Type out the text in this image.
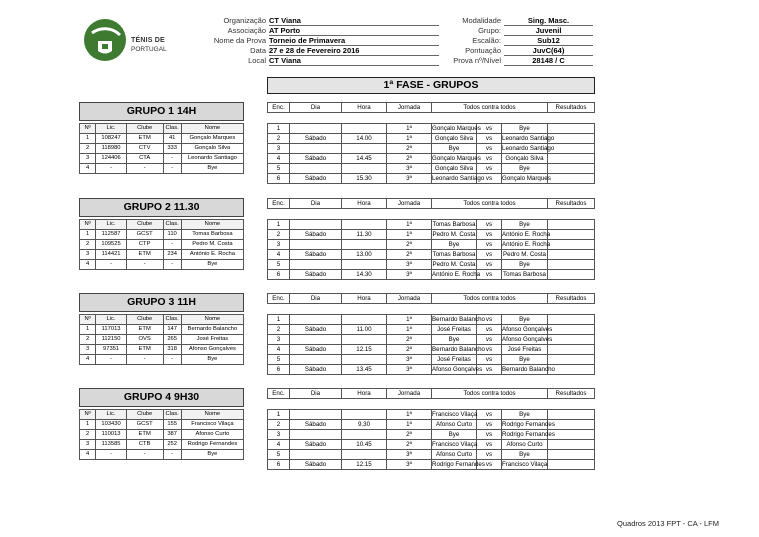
TÉNIS DE
PORTUGAL
Organização CT Viana	Modalidade	Sing. Masc.
Associação AT Porto	Grupo:	Juvenil
Nome da Prova Torneio de Primavera	Escalão:	Sub12
Data 27 e 28 de Fevereiro 2016	Pontuação	JuvC(64)
Local CT Viana	Prova nº/Nível	28148 / C
1ª FASE - GRUPOS
GRUPO 1 14H
Nº	Lic.	Clube	Clas.	Nome
1	108247	ETM	41	Gonçalo Marques
2	118980	CTV	333	Gonçalo Silva
3	124406	CTA	-	Leonardo Santiago
4	-	-	-	Bye
Enc.	Dia	Hora	Jornada	Todos contra todos	Resultados
1			1ª	Gonçalo Marques	vs	Bye	
2	Sábado	14.00	1ª	Gonçalo Silva	vs	Leonardo Santiago	
3			2ª	Bye	vs	Leonardo Santiago	
4	Sábado	14.45	2ª	Gonçalo Marques	vs	Gonçalo Silva	
5			3ª	Gonçalo Silva	vs	Bye	
6	Sábado	15.30	3ª	Leonardo Santiago	vs	Gonçalo Marques	
GRUPO 2 11.30
Nº	Lic.	Clube	Clas.	Nome
1	112587	GCST	110	Tomas Barbosa
2	109525	CTP	-	Pedro M. Costa
3	114421	ETM	234	António E. Rocha
4	-	-	-	Bye
Enc.	Dia	Hora	Jornada	Todos contra todos	Resultados
1			1ª	Tomas Barbosa	vs	Bye	
2	Sábado	11.30	1ª	Pedro M. Costa	vs	António E. Rocha	
3			2ª	Bye	vs	António E. Rocha	
4	Sábado	13.00	2ª	Tomas Barbosa	vs	Pedro M. Costa	
5			3ª	Pedro M. Costa	vs	Bye	
6	Sábado	14.30	3ª	António E. Rocha	vs	Tomas Barbosa	
GRUPO 3 11H
Nº	Lic.	Clube	Clas.	Nome
1	117013	ETM	147	Bernardo Balancho
2	112150	OVS	265	José Freitas
3	97351	ETM	318	Afonso Gonçalves
4	-	-	-	Bye
Enc.	Dia	Hora	Jornada	Todos contra todos	Resultados
1			1ª	Bernardo Balancho	vs	Bye	
2	Sábado	11.00	1ª	José Freitas	vs	Afonso Gonçalves	
3			2ª	Bye	vs	Afonso Gonçalves	
4	Sábado	12.15	2ª	Bernardo Balancho	vs	José Freitas	
5			3ª	José Freitas	vs	Bye	
6	Sábado	13.45	3ª	Afonso Gonçalves	vs	Bernardo Balancho	
GRUPO 4 9H30
Nº	Lic.	Clube	Clas.	Nome
1	103430	GCST	155	Francisco Vilaça
2	110013	ETM	387	Afonso Curto
3	113585	CTB	252	Rodrigo Fernandes
4	-	-	-	Bye
Enc.	Dia	Hora	Jornada	Todos contra todos	Resultados
1			1ª	Francisco Vilaça	vs	Bye	
2	Sábado	9.30	1ª	Afonso Curto	vs	Rodrigo Fernandes	
3			2ª	Bye	vs	Rodrigo Fernandes	
4	Sábado	10.45	2ª	Francisco Vilaça	vs	Afonso Curto	
5			3ª	Afonso Curto	vs	Bye	
6	Sábado	12.15	3ª	Rodrigo Fernandes	vs	Francisco Vilaça	
Quadros 2013 FPT - CA - LFM
